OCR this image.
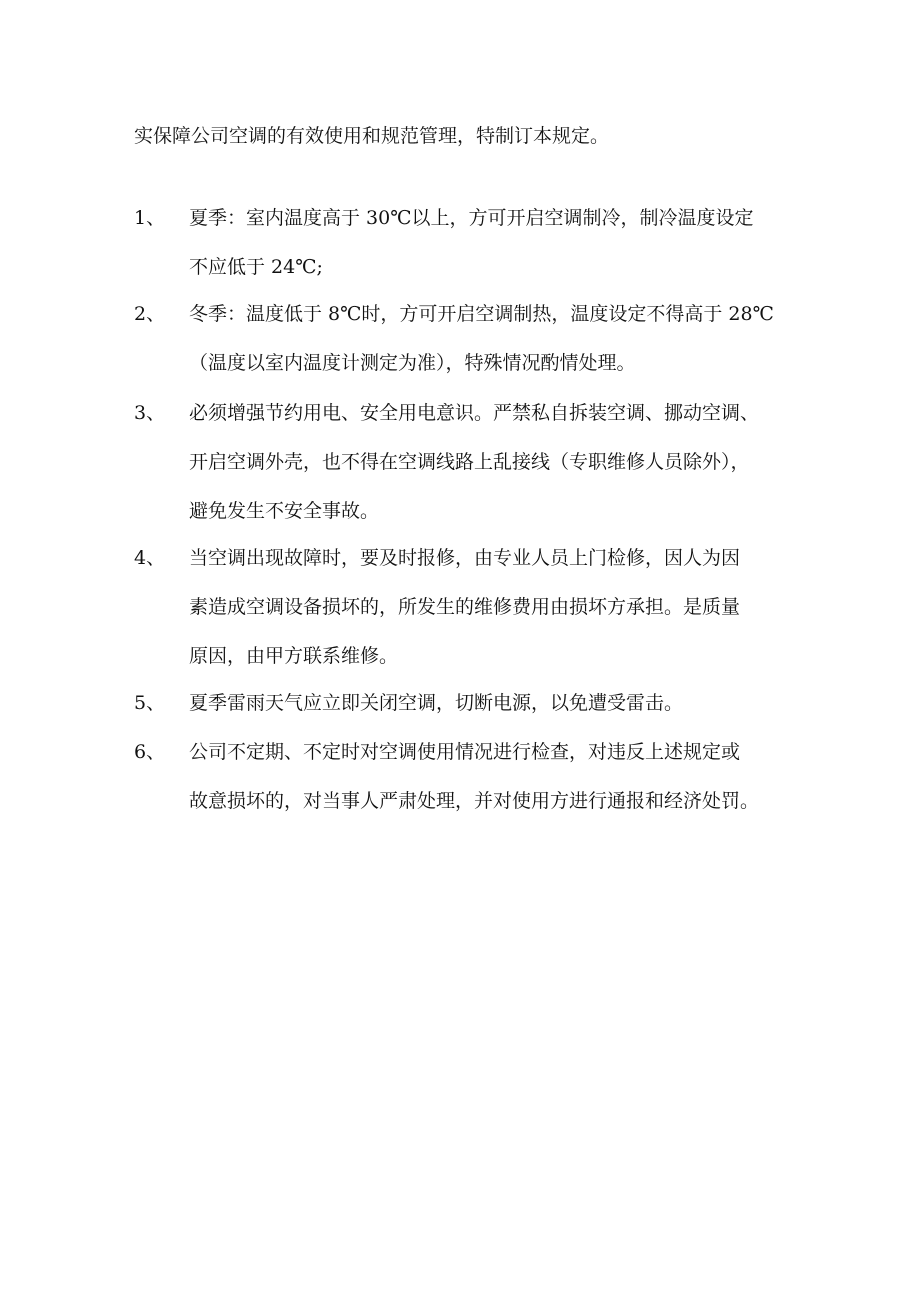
实保障公司空调的有效使用和规范管理，特制订本规定。
1、 夏季：室内温度高于 30℃以上，方可开启空调制冷，制冷温度设定
不应低于 24℃;
2、 冬季：温度低于 8℃时，方可开启空调制热，温度设定不得高于 28℃
（温度以室内温度计测定为准），特殊情况酌情处理。
3、 必须增强节约用电、安全用电意识。严禁私自拆装空调、挪动空调、
开启空调外壳，也不得在空调线路上乱接线（专职维修人员除外），
避免发生不安全事故。
4、 当空调出现故障时，要及时报修，由专业人员上门检修，因人为因
素造成空调设备损坏的，所发生的维修费用由损坏方承担。是质量
原因，由甲方联系维修。
5、 夏季雷雨天气应立即关闭空调，切断电源，以免遭受雷击。
6、 公司不定期、不定时对空调使用情况进行检查，对违反上述规定或
故意损坏的，对当事人严肃处理，并对使用方进行通报和经济处罚。
